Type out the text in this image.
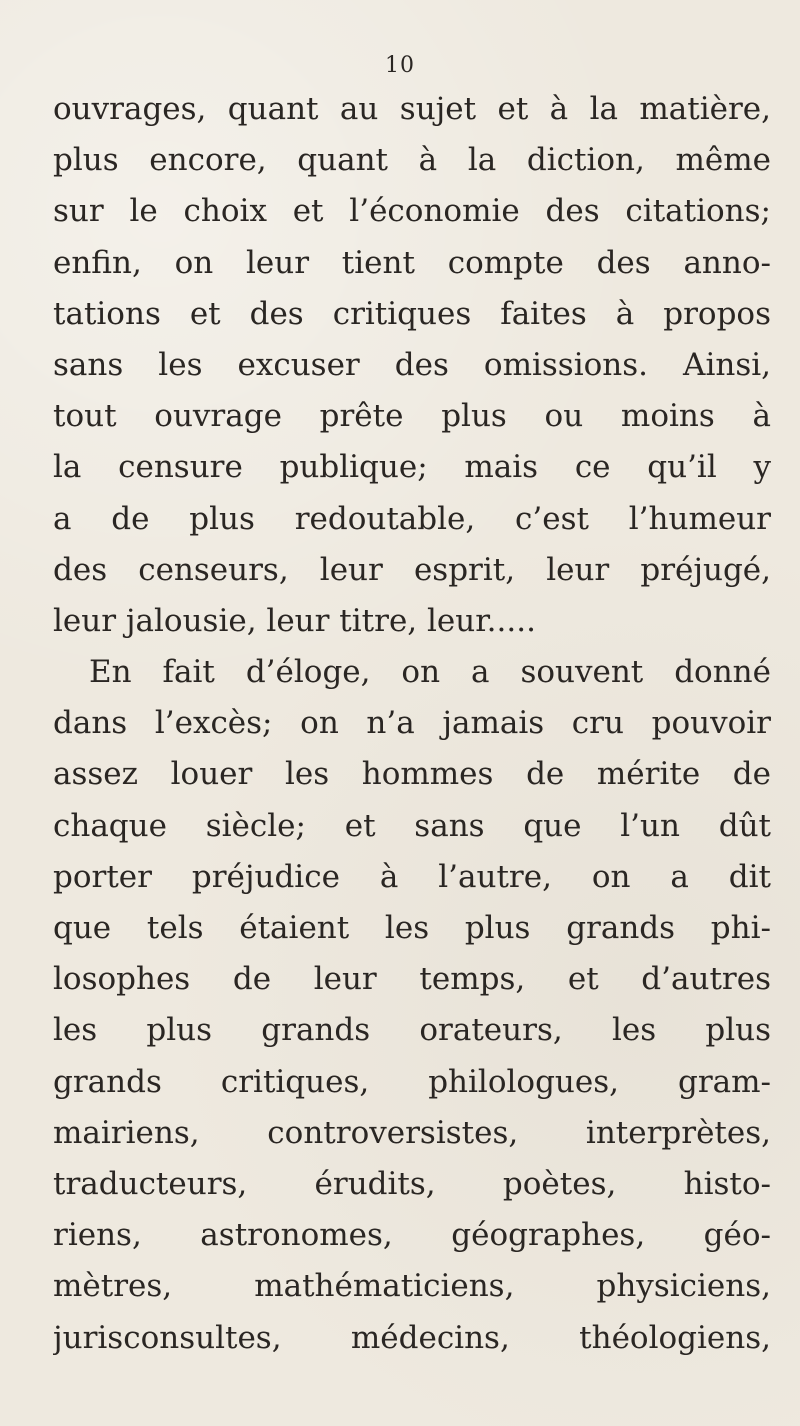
10
ouvrages, quant au sujet et à la matière,
plus encore, quant à la diction, même
sur le choix et l’économie des citations;
enfin, on leur tient compte des anno-
tations et des critiques faites à propos
sans les excuser des omissions. Ainsi,
tout ouvrage prête plus ou moins à
la censure publique; mais ce qu’il y
a de plus redoutable, c’est l’humeur
des censeurs, leur esprit, leur préjugé,
leur jalousie, leur titre, leur.....
En fait d’éloge, on a souvent donné
dans l’excès; on n’a jamais cru pouvoir
assez louer les hommes de mérite de
chaque siècle; et sans que l’un dût
porter préjudice à l’autre, on a dit
que tels étaient les plus grands phi-
losophes de leur temps, et d’autres
les plus grands orateurs, les plus
grands critiques, philologues, gram-
mairiens, controversistes, interprètes,
traducteurs, érudits, poètes, histo-
riens, astronomes, géographes, géo-
mètres, mathématiciens, physiciens,
jurisconsultes, médecins, théologiens,
